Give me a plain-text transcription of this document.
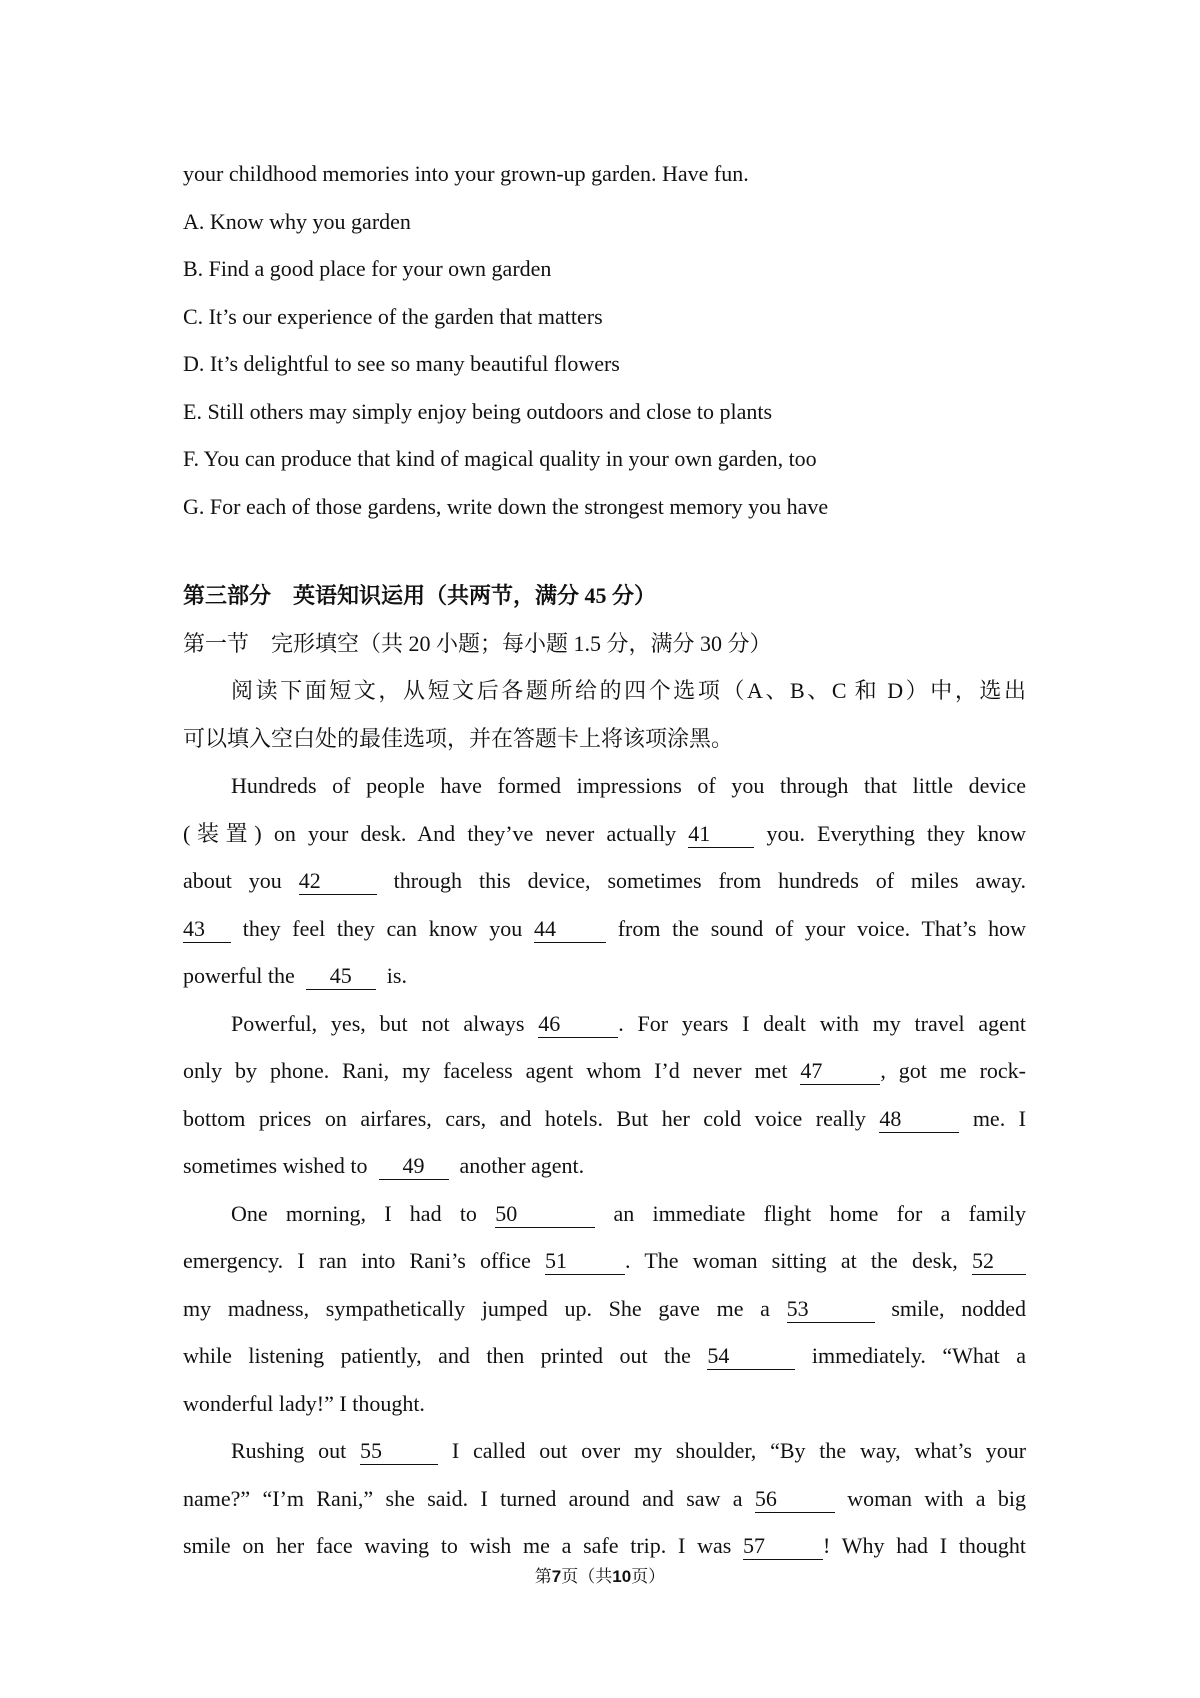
your childhood memories into your grown-up garden. Have fun.
A. Know why you garden
B. Find a good place for your own garden
C. It’s our experience of the garden that matters
D. It’s delightful to see so many beautiful flowers
E. Still others may simply enjoy being outdoors and close to plants
F. You can produce that kind of magical quality in your own garden, too
G. For each of those gardens, write down the strongest memory you have
第三部分　英语知识运用（共两节，满分 45 分）
第一节　完形填空（共 20 小题；每小题 1.5 分，满分 30 分）
阅读下面短文，从短文后各题所给的四个选项（A、B、C 和 D）中，选出
可以填入空白处的最佳选项，并在答题卡上将该项涂黑。
Hundreds of people have formed impressions of you through that little device
(装置) on your desk. And they’ve never actually 41	you. Everything they know
about you 42	through this device, sometimes from hundreds of miles away.
43 they feel they can know you 44	from the sound of your voice. That’s how
powerful the 45 is.
Powerful, yes, but not always 46	. For years I dealt with my travel agent
only by phone. Rani, my faceless agent whom I’d never met 47	, got me rock-
bottom prices on airfares, cars, and hotels. But her cold voice really 48	me. I
sometimes wished to 49 another agent.
One morning, I had to 50	an immediate flight home for a family
emergency. I ran into Rani’s office 51	. The woman sitting at the desk, 52
my madness, sympathetically jumped up. She gave me a 53	smile, nodded
while listening patiently, and then printed out the 54	immediately. “What a
wonderful lady!” I thought.
Rushing out 55	I called out over my shoulder, “By the way, what’s your
name?” “I’m Rani,” she said. I turned around and saw a 56	woman with a big
smile on her face waving to wish me a safe trip. I was 57	! Why had I thought
第7页（共10页）
